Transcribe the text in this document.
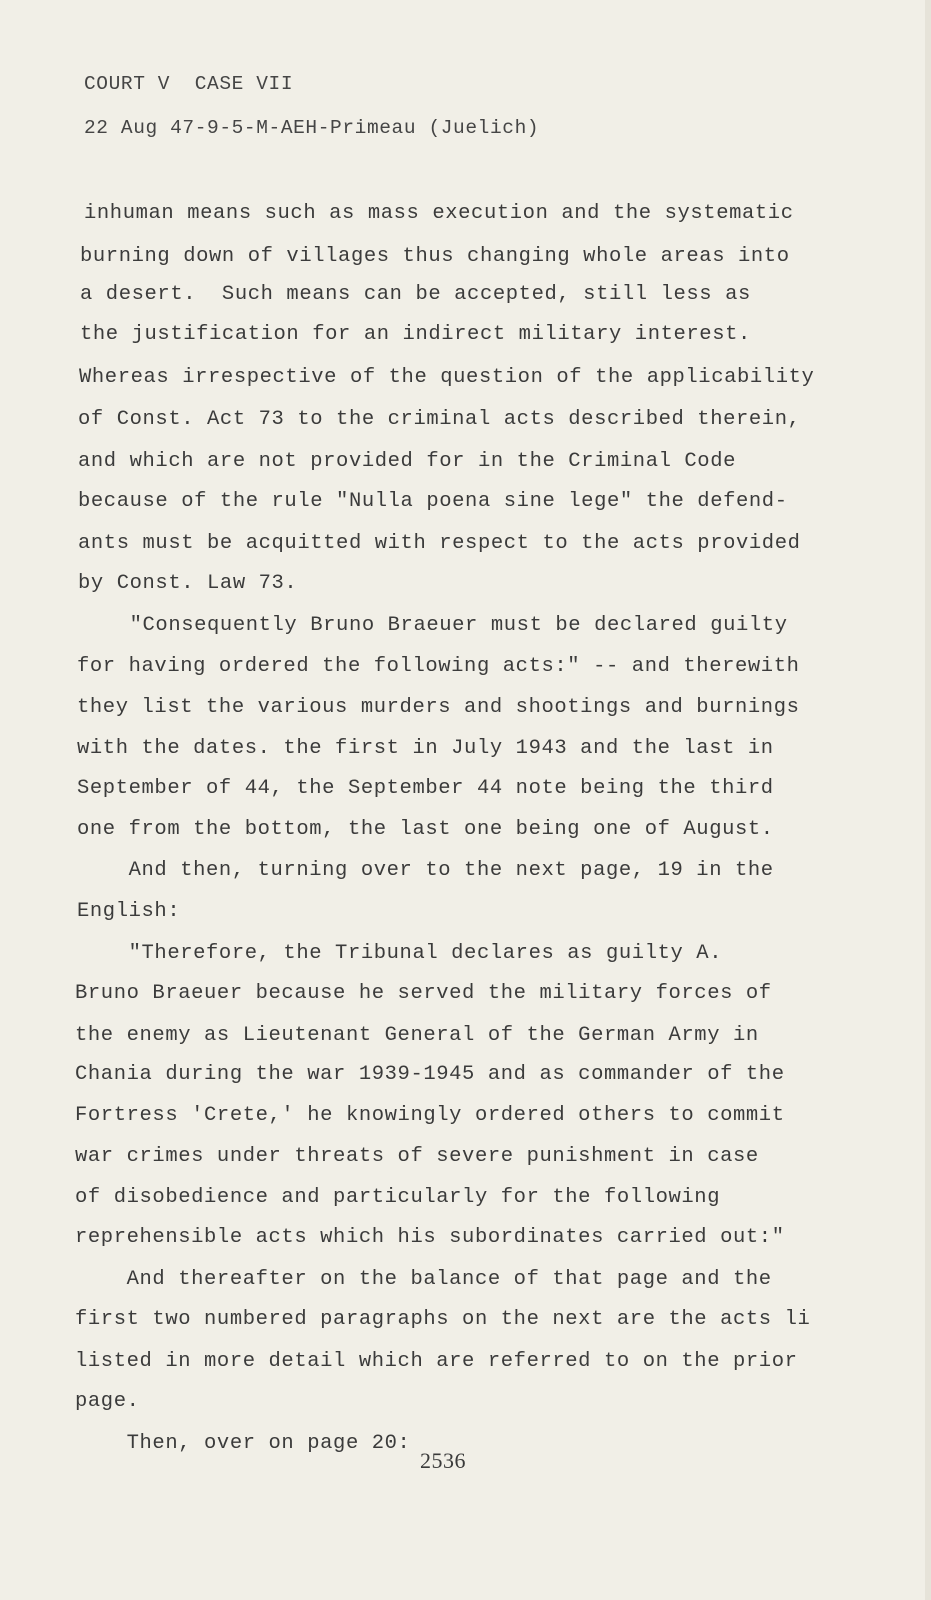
COURT V  CASE VII
22 Aug 47-9-5-M-AEH-Primeau (Juelich)
inhuman means such as mass execution and the systematic
burning down of villages thus changing whole areas into
a desert.  Such means can be accepted, still less as
the justification for an indirect military interest.
Whereas irrespective of the question of the applicability
of Const. Act 73 to the criminal acts described therein,
and which are not provided for in the Criminal Code
because of the rule "Nulla poena sine lege" the defend-
ants must be acquitted with respect to the acts provided
by Const. Law 73.
"Consequently Bruno Braeuer must be declared guilty
for having ordered the following acts:" -- and therewith
they list the various murders and shootings and burnings
with the dates. the first in July 1943 and the last in
September of 44, the September 44 note being the third
one from the bottom, the last one being one of August.
And then, turning over to the next page, 19 in the
English:
"Therefore, the Tribunal declares as guilty A.
Bruno Braeuer because he served the military forces of
the enemy as Lieutenant General of the German Army in
Chania during the war 1939-1945 and as commander of the
Fortress 'Crete,' he knowingly ordered others to commit
war crimes under threats of severe punishment in case
of disobedience and particularly for the following
reprehensible acts which his subordinates carried out:"
And thereafter on the balance of that page and the
first two numbered paragraphs on the next are the acts li
listed in more detail which are referred to on the prior
page.
Then, over on page 20:
2536
